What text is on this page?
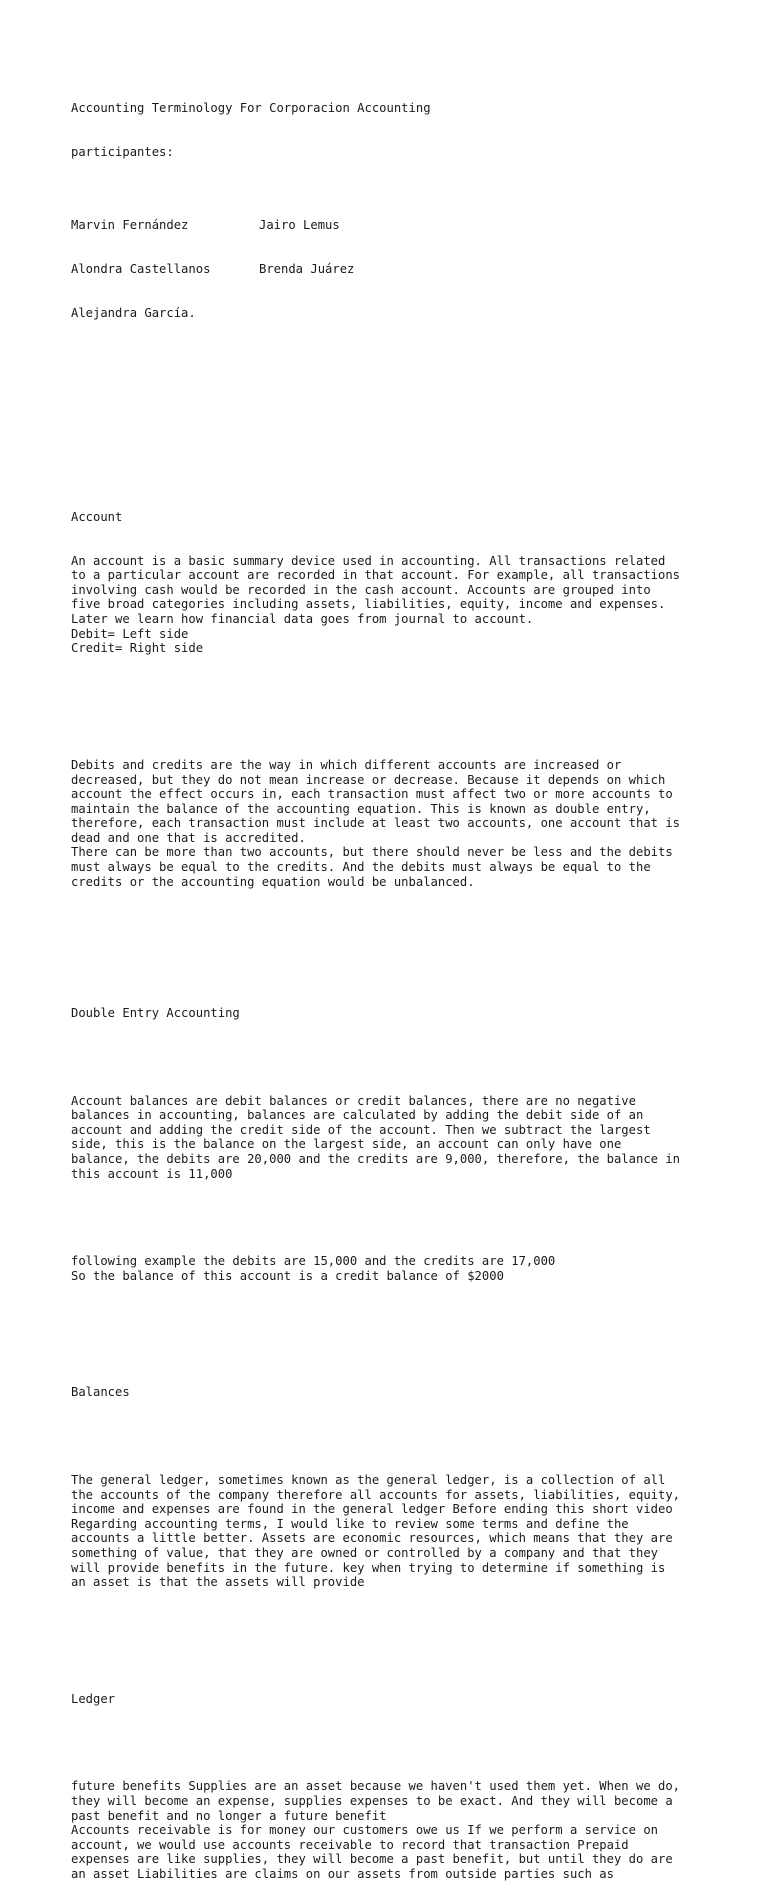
Accounting Terminology For Corporacion Accounting

participantes:

Marvin Fernández	Jairo Lemus

Alondra Castellanos	Brenda Juárez

Alejandra García.

Account

An account is a basic summary device used in accounting. All transactions related
to a particular account are recorded in that account. For example, all transactions
involving cash would be recorded in the cash account. Accounts are grouped into
five broad categories including assets, liabilities, equity, income and expenses.
Later we learn how financial data goes from journal to account.
Debit= Left side
Credit= Right side

Debits and credits are the way in which different accounts are increased or
decreased, but they do not mean increase or decrease. Because it depends on which
account the effect occurs in, each transaction must affect two or more accounts to
maintain the balance of the accounting equation. This is known as double entry,
therefore, each transaction must include at least two accounts, one account that is
dead and one that is accredited.
There can be more than two accounts, but there should never be less and the debits
must always be equal to the credits. And the debits must always be equal to the
credits or the accounting equation would be unbalanced.

Double Entry Accounting

Account balances are debit balances or credit balances, there are no negative
balances in accounting, balances are calculated by adding the debit side of an
account and adding the credit side of the account. Then we subtract the largest
side, this is the balance on the largest side, an account can only have one
balance, the debits are 20,000 and the credits are 9,000, therefore, the balance in
this account is 11,000

following example the debits are 15,000 and the credits are 17,000
So the balance of this account is a credit balance of $2000

Balances

The general ledger, sometimes known as the general ledger, is a collection of all
the accounts of the company therefore all accounts for assets, liabilities, equity,
income and expenses are found in the general ledger Before ending this short video
Regarding accounting terms, I would like to review some terms and define the
accounts a little better. Assets are economic resources, which means that they are
something of value, that they are owned or controlled by a company and that they
will provide benefits in the future. key when trying to determine if something is
an asset is that the assets will provide

Ledger

future benefits Supplies are an asset because we haven't used them yet. When we do,
they will become an expense, supplies expenses to be exact. And they will become a
past benefit and no longer a future benefit
Accounts receivable is for money our customers owe us If we perform a service on
account, we would use accounts receivable to record that transaction Prepaid
expenses are like supplies, they will become a past benefit, but until they do are
an asset Liabilities are claims on our assets from outside parties such as
